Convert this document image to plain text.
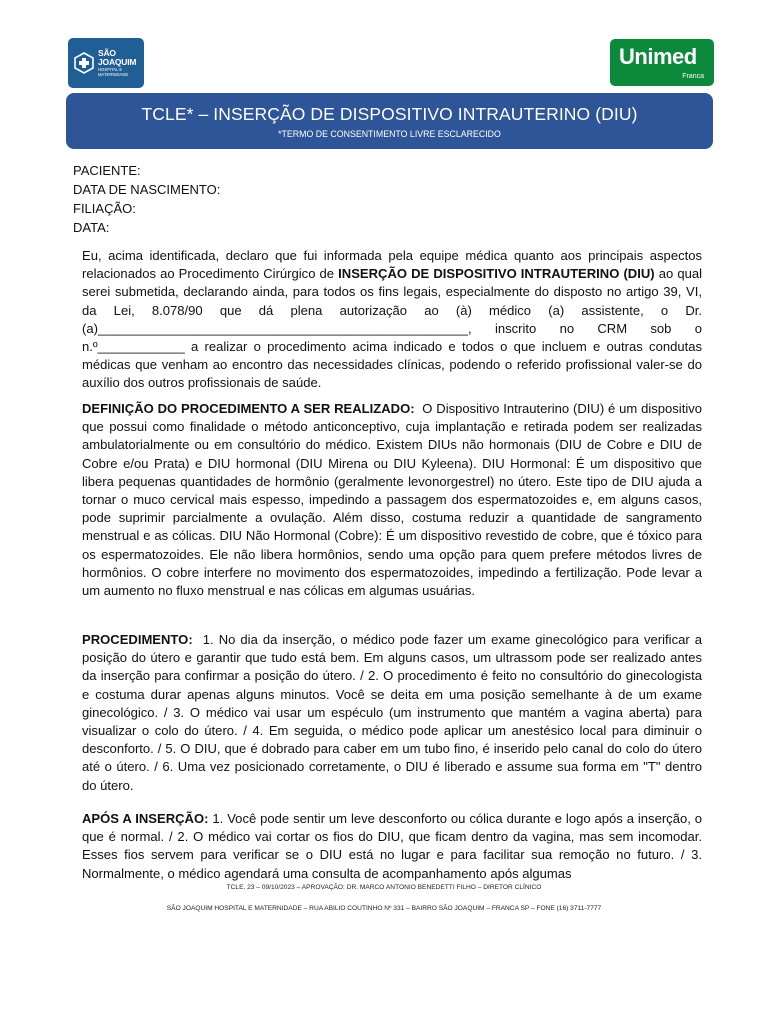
SÃO JOAQUIM
HOSPITAL E MATERNIDADE
Unimed
Franca
TCLE* – INSERÇÃO DE DISPOSITIVO INTRAUTERINO (DIU)
*TERMO DE CONSENTIMENTO LIVRE ESCLARECIDO
PACIENTE:
DATA DE NASCIMENTO:
FILIAÇÃO:
DATA:

Eu, acima identificada, declaro que fui informada pela equipe médica quanto aos principais aspectos relacionados ao Procedimento Cirúrgico de INSERÇÃO DE DISPOSITIVO INTRAUTERINO (DIU) ao qual serei submetida, declarando ainda, para todos os fins legais, especialmente do disposto no artigo 39, VI, da Lei, 8.078/90 que dá plena autorização ao (à) médico (a) assistente, o Dr.(a)___________________________________________________, inscrito no CRM sob o n.º____________ a realizar o procedimento acima indicado e todos o que incluem e outras condutas médicas que venham ao encontro das necessidades clínicas, podendo o referido profissional valer-se do auxílio dos outros profissionais de saúde.

DEFINIÇÃO DO PROCEDIMENTO A SER REALIZADO: O Dispositivo Intrauterino (DIU) é um dispositivo que possui como finalidade o método anticonceptivo, cuja implantação e retirada podem ser realizadas ambulatorialmente ou em consultório do médico. Existem DIUs não hormonais (DIU de Cobre e DIU de Cobre e/ou Prata) e DIU hormonal (DIU Mirena ou DIU Kyleena). DIU Hormonal: É um dispositivo que libera pequenas quantidades de hormônio (geralmente levonorgestrel) no útero. Este tipo de DIU ajuda a tornar o muco cervical mais espesso, impedindo a passagem dos espermatozoides e, em alguns casos, pode suprimir parcialmente a ovulação. Além disso, costuma reduzir a quantidade de sangramento menstrual e as cólicas. DIU Não Hormonal (Cobre): É um dispositivo revestido de cobre, que é tóxico para os espermatozoides. Ele não libera hormônios, sendo uma opção para quem prefere métodos livres de hormônios. O cobre interfere no movimento dos espermatozoides, impedindo a fertilização. Pode levar a um aumento no fluxo menstrual e nas cólicas em algumas usuárias.

PROCEDIMENTO: 1. No dia da inserção, o médico pode fazer um exame ginecológico para verificar a posição do útero e garantir que tudo está bem. Em alguns casos, um ultrassom pode ser realizado antes da inserção para confirmar a posição do útero. / 2. O procedimento é feito no consultório do ginecologista e costuma durar apenas alguns minutos. Você se deita em uma posição semelhante à de um exame ginecológico. / 3. O médico vai usar um espéculo (um instrumento que mantém a vagina aberta) para visualizar o colo do útero. / 4. Em seguida, o médico pode aplicar um anestésico local para diminuir o desconforto. / 5. O DIU, que é dobrado para caber em um tubo fino, é inserido pelo canal do colo do útero até o útero. / 6. Uma vez posicionado corretamente, o DIU é liberado e assume sua forma em "T" dentro do útero.

APÓS A INSERÇÃO: 1. Você pode sentir um leve desconforto ou cólica durante e logo após a inserção, o que é normal. / 2. O médico vai cortar os fios do DIU, que ficam dentro da vagina, mas sem incomodar. Esses fios servem para verificar se o DIU está no lugar e para facilitar sua remoção no futuro. / 3. Normalmente, o médico agendará uma consulta de acompanhamento após algumas

TCLE. 23 – 09/10/2023 – APROVAÇÃO: DR. MARCO ANTONIO BENEDETTI FILHO – DIRETOR CLÍNICO
SÃO JOAQUIM HOSPITAL E MATERNIDADE – RUA ABILIO COUTINHO Nº 331 – BAIRRO SÃO JOAQUIM – FRANCA SP – FONE (16) 3711-7777
